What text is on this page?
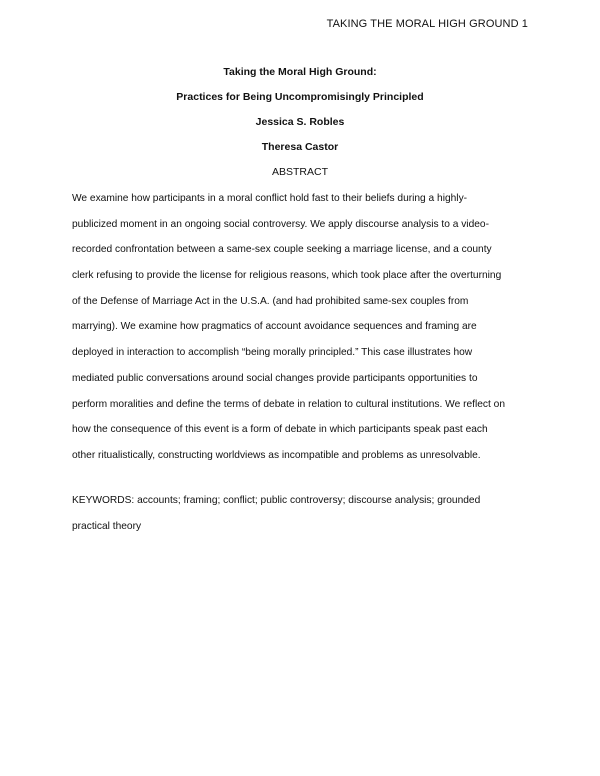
TAKING THE MORAL HIGH GROUND 1
Taking the Moral High Ground:
Practices for Being Uncompromisingly Principled
Jessica S. Robles
Theresa Castor
ABSTRACT
We examine how participants in a moral conflict hold fast to their beliefs during a highly-
publicized moment in an ongoing social controversy. We apply discourse analysis to a video-
recorded confrontation between a same-sex couple seeking a marriage license, and a county
clerk refusing to provide the license for religious reasons, which took place after the overturning
of the Defense of Marriage Act in the U.S.A. (and had prohibited same-sex couples from
marrying). We examine how pragmatics of account avoidance sequences and framing are
deployed in interaction to accomplish “being morally principled.” This case illustrates how
mediated public conversations around social changes provide participants opportunities to
perform moralities and define the terms of debate in relation to cultural institutions. We reflect on
how the consequence of this event is a form of debate in which participants speak past each
other ritualistically, constructing worldviews as incompatible and problems as unresolvable.
KEYWORDS: accounts; framing; conflict; public controversy; discourse analysis; grounded
practical theory
